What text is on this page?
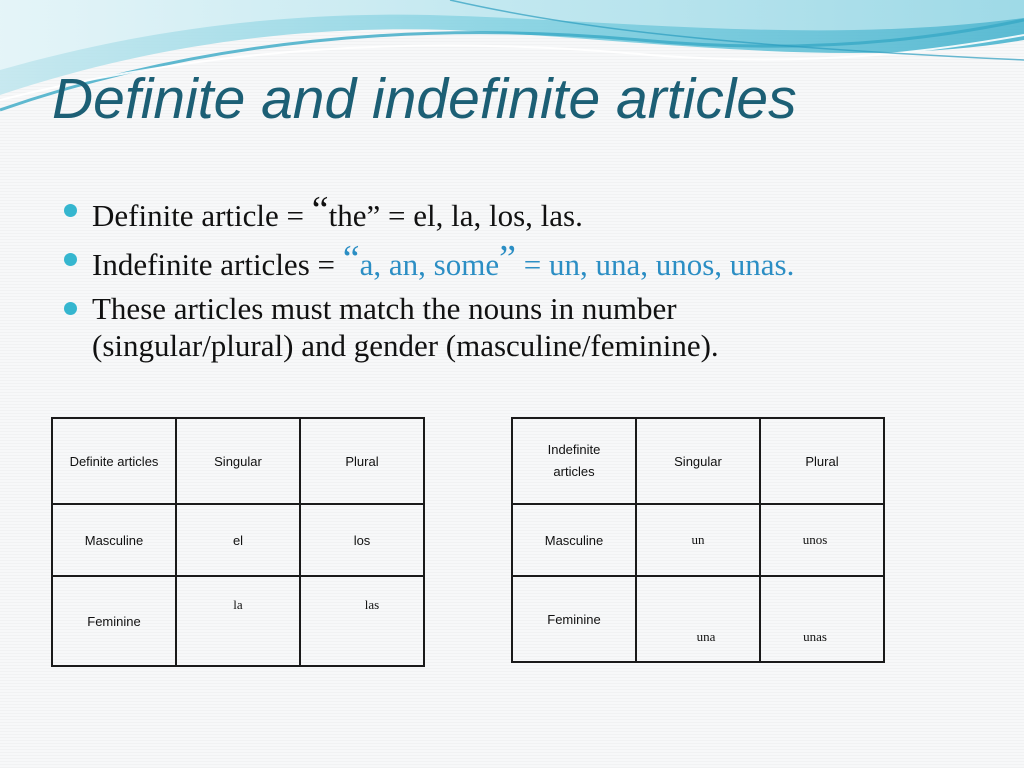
Definite and indefinite articles
Definite article = “the” = el, la, los, las.
Indefinite articles = “a, an, some” = un, una, unos, unas.
These articles must match the nouns in number
(singular/plural) and gender (masculine/feminine).
Definite articles	Singular	Plural
Masculine	el	los
Feminine	la	las
Indefinite
articles	Singular	Plural
Masculine	un	unos
Feminine	una	unas
